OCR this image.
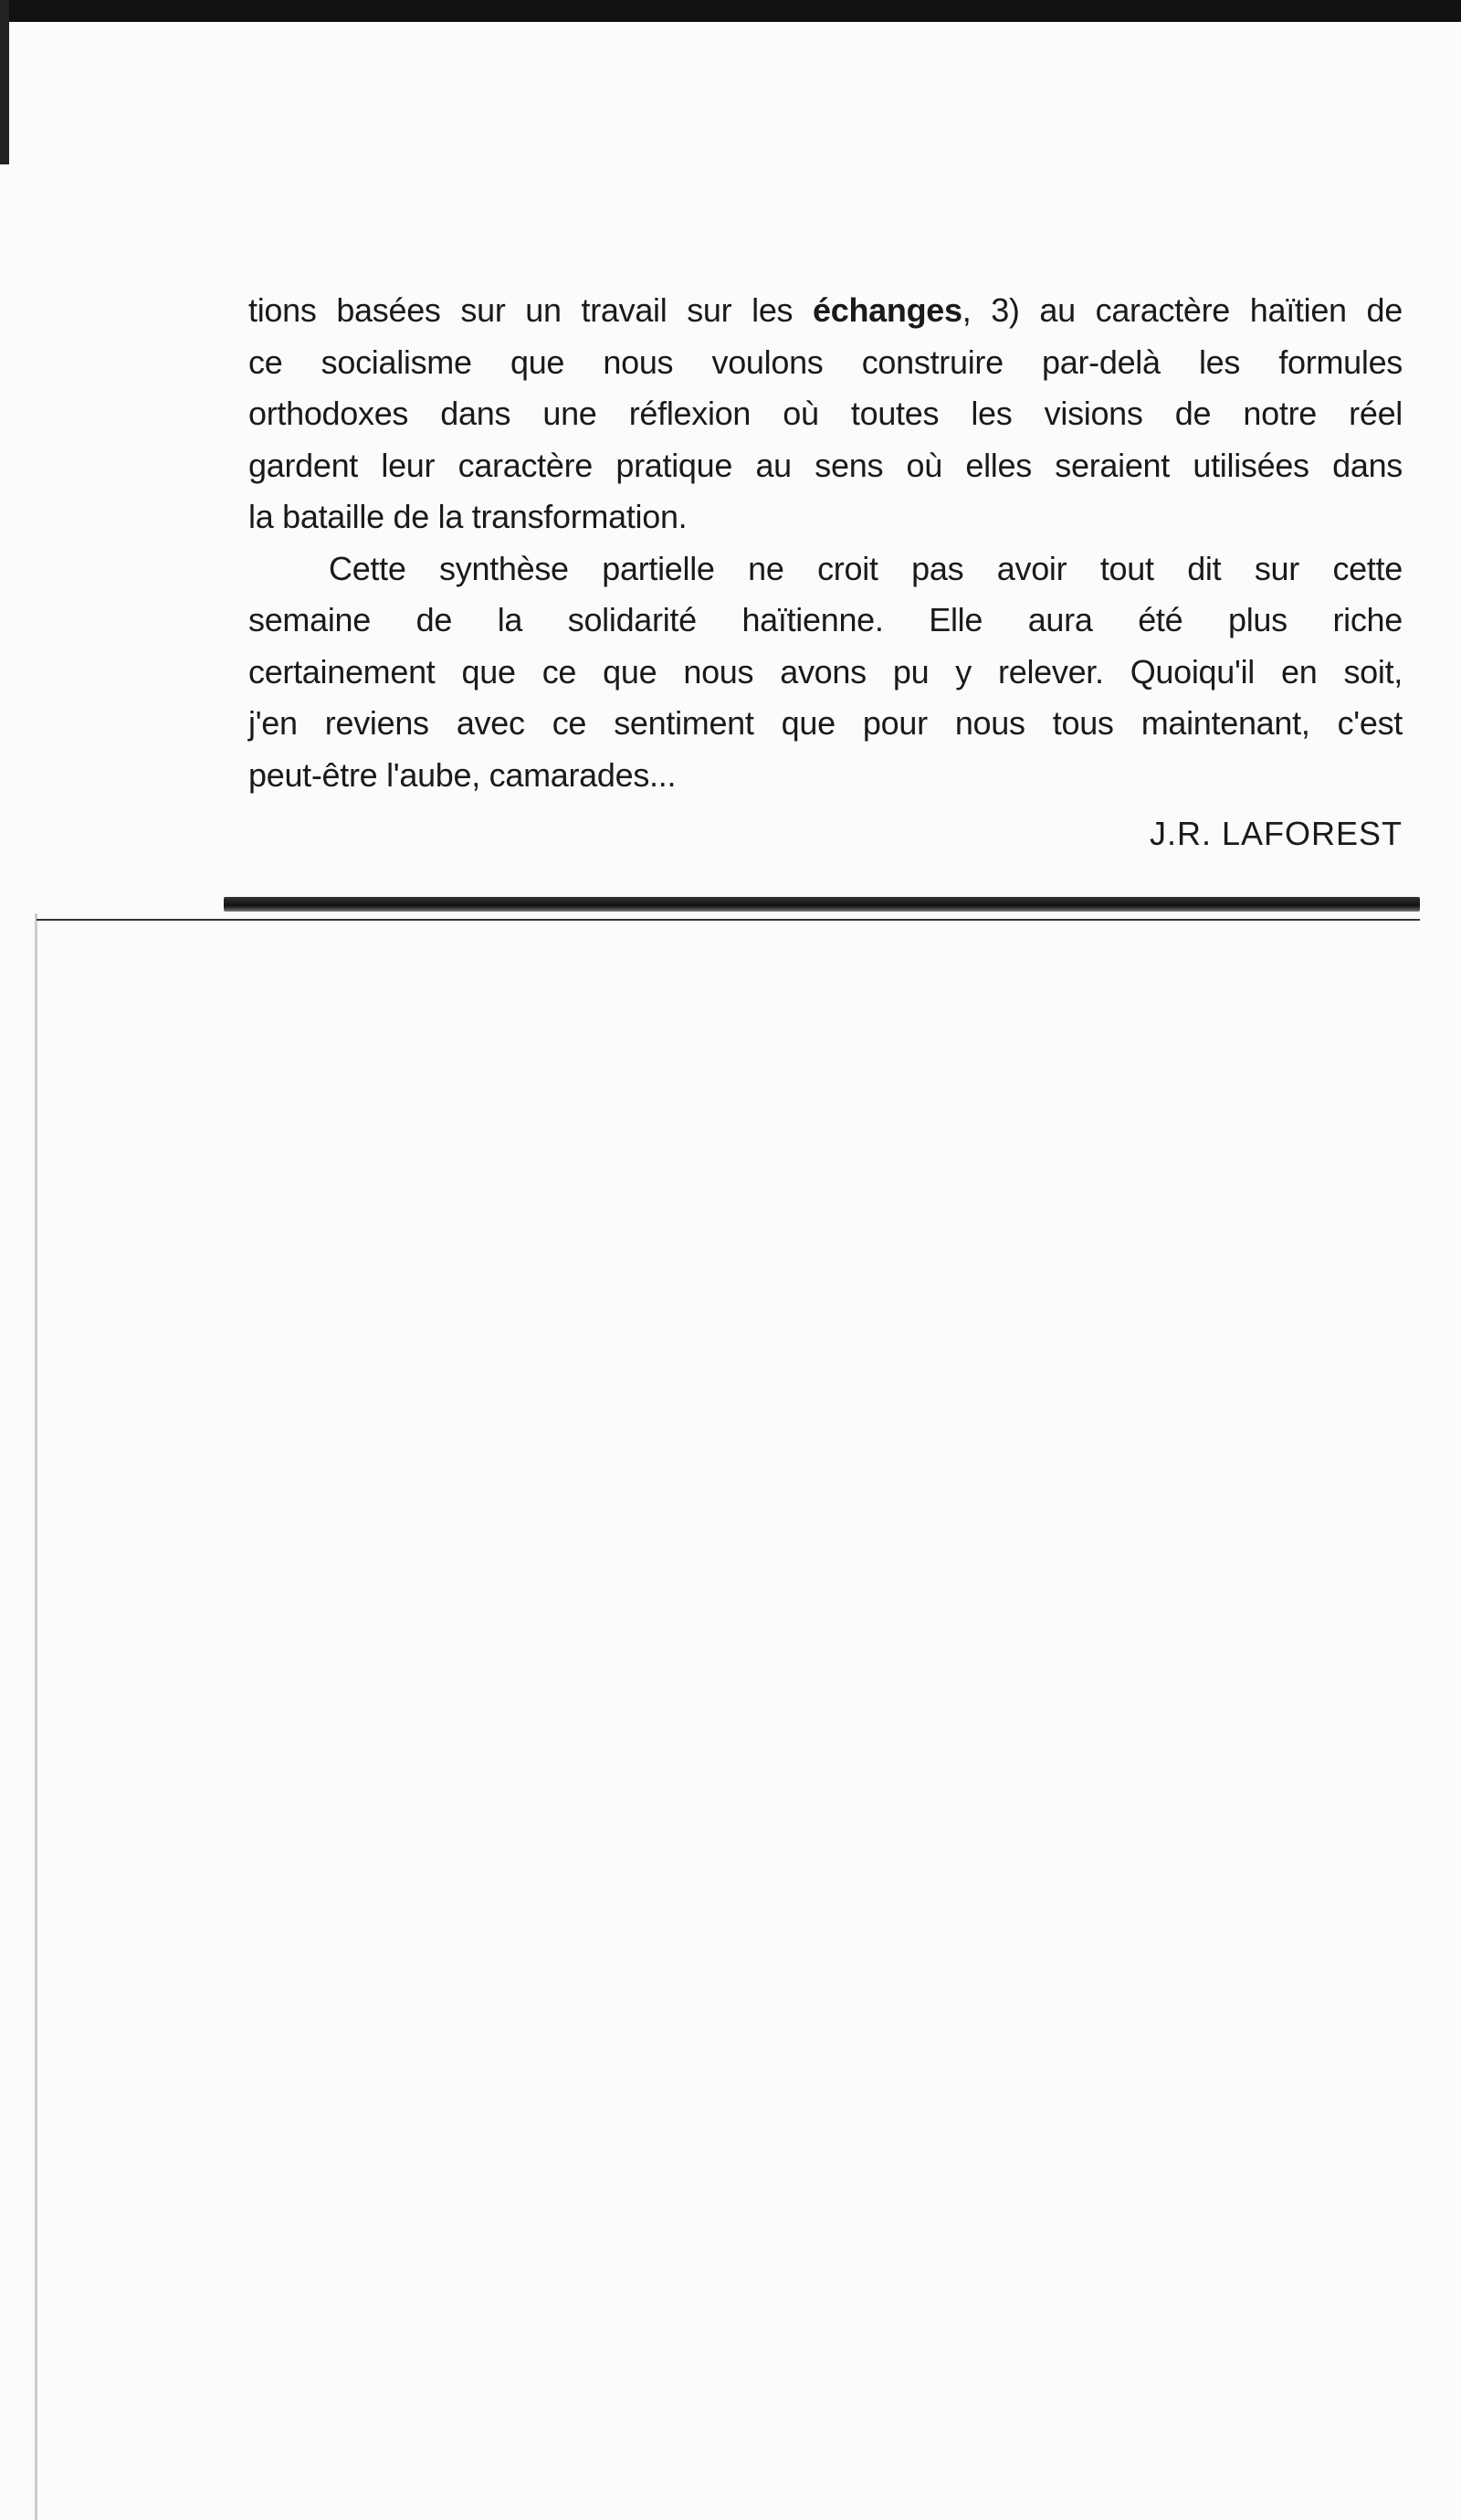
tions basées sur un travail sur les échanges, 3) au caractère haïtien de
ce socialisme que nous voulons construire par-delà les formules
orthodoxes dans une réflexion où toutes les visions de notre réel
gardent leur caractère pratique au sens où elles seraient utilisées dans
la bataille de la transformation.
Cette synthèse partielle ne croit pas avoir tout dit sur cette
semaine de la solidarité haïtienne. Elle aura été plus riche
certainement que ce que nous avons pu y relever. Quoiqu'il en soit,
j'en reviens avec ce sentiment que pour nous tous maintenant, c'est
peut-être l'aube, camarades...
J.R. LAFOREST
